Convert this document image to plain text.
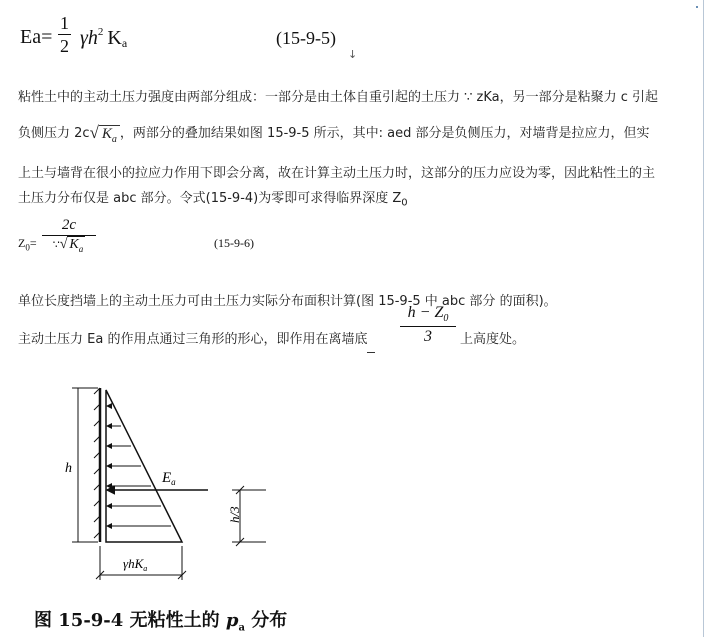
Ea=
1
2 $\gamma h^2$ $K_a$	(15-9-5)
↓
粘性土中的主动土压力强度由两部分组成：一部分是由土体自重引起的土压力 ∵ zKa，另一部分是粘聚力 c 引起
负侧压力 2c√ $K_a$ ，两部分的叠加结果如图 15-9-5 所示，其中: aed 部分是负侧压力，对墙背是拉应力，但实
上土与墙背在很小的拉应力作用下即会分离，故在计算主动土压力时，这部分的压力应设为零，因此粘性土的主
土压力分布仅是 abc 部分。令式(15-9-4)为零即可求得临界深度 $Z_0$
$Z_0=$
2c
∵√ $K_a$	(15-9-6)
单位长度挡墙上的主动土压力可由土压力实际分布面积计算(图 15-9-5 中 abc 部分 的面积)。
主动土压力 Ea 的作用点通过三角形的形心，即作用在离墙底
$h - Z_0$
3	上高度处。
$E_a$
h
h/3
γhK$_a$
图 15-9-4 无粘性土的 $p_a$ 分布
